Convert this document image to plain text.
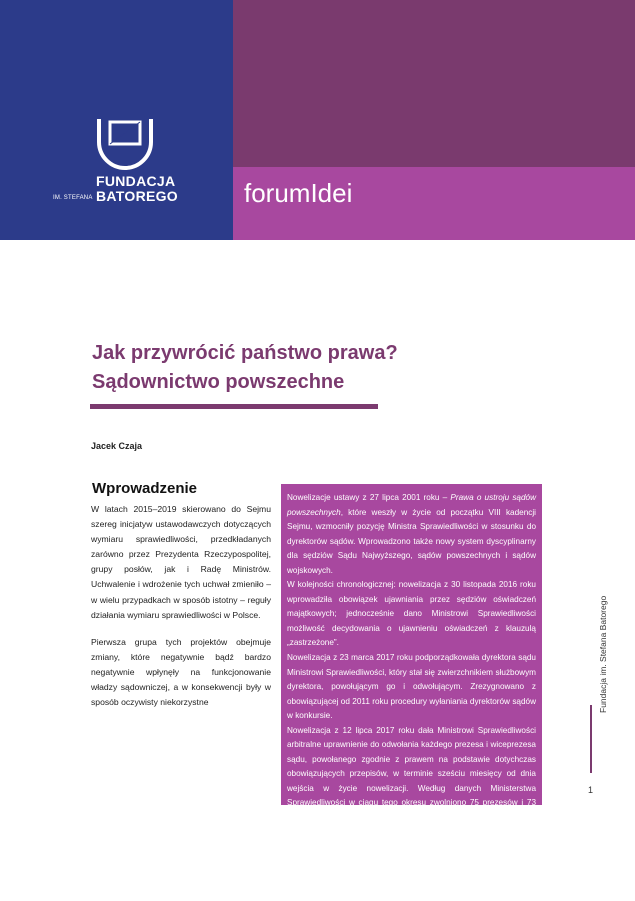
FUNDACJA
IM. STEFANA BATOREGO	forumIdei
Jak przywrócić państwo prawa?
Sądownictwo powszechne
Jacek Czaja
Wprowadzenie

W latach 2015–2019 skierowano do Sejmu szereg inicjatyw ustawodawczych dotyczących wymiaru sprawiedliwości, przedkładanych zarówno przez Prezydenta Rzeczypospolitej, grupy posłów, jak i Radę Ministrów. Uchwalenie i wdrożenie tych uchwał zmieniło – w wielu przypadkach w sposób istotny – reguły działania wymiaru sprawiedliwości w Polsce.

Pierwsza grupa tych projektów obejmuje zmiany, które negatywnie bądź bardzo negatywnie wpłynęły na funkcjonowanie władzy sądowniczej, a w konsekwencji były w sposób oczywisty niekorzystne

Nowelizacje ustawy z 27 lipca 2001 roku – Prawa o ustroju sądów powszechnych, które weszły w życie od początku VIII kadencji Sejmu, wzmocniły pozycję Ministra Sprawiedliwości w stosunku do dyrektorów sądów. Wprowadzono także nowy system dyscyplinarny dla sędziów Sądu Najwyższego, sądów powszechnych i sądów wojskowych.

W kolejności chronologicznej: nowelizacja z 30 listopada 2016 roku wprowadziła obowiązek ujawniania przez sędziów oświadczeń majątkowych; jednocześnie dano Ministrowi Sprawiedliwości możliwość decydowania o ujawnieniu oświadczeń z klauzulą „zastrzeżone”.

Nowelizacja z 23 marca 2017 roku podporządkowała dyrektora sądu Ministrowi Sprawiedliwości, który stał się zwierzchnikiem służbowym dyrektora, powołującym go i odwołującym. Zrezygnowano z obowiązującej od 2011 roku procedury wyłaniania dyrektorów sądów w konkursie.

Nowelizacja z 12 lipca 2017 roku dała Ministrowi Sprawiedliwości arbitralne uprawnienie do odwołania każdego prezesa i wiceprezesa sądu, powołanego zgodnie z prawem na podstawie dotychczas obowiązujących przepisów, w terminie sześciu miesięcy od dnia wejścia w życie nowelizacji. Według danych Ministerstwa Sprawiedliwości w ciągu tego okresu zwolniono 75 prezesów i 73 wiceprezesów sądów powszechnych oraz 2 prezesów i 8 wiceprezesów sądów wojskowych (w tym

Fundacja im. Stefana Batorego
1
